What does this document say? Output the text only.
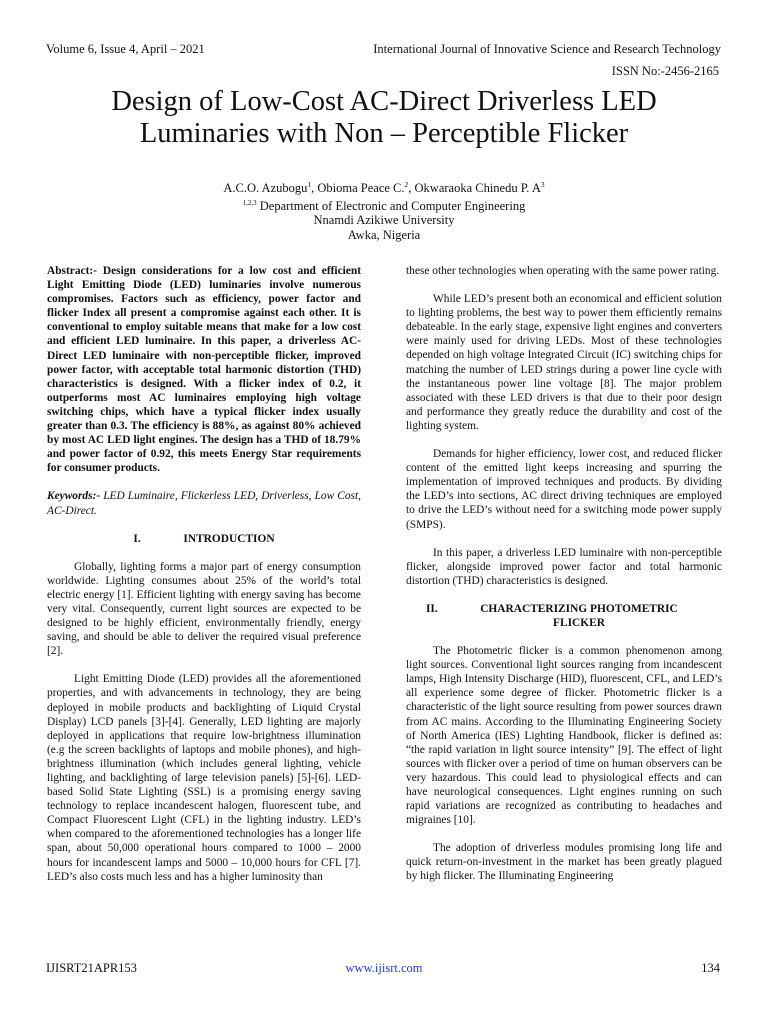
Volume 6, Issue 4, April – 2021	International Journal of Innovative Science and Research Technology
ISSN No:-2456-2165
Design of Low-Cost AC-Direct Driverless LED Luminaries with Non – Perceptible Flicker
A.C.O. Azubogu$^1$, Obioma Peace C.$^2$, Okwaraoka Chinedu P. $A^3$
$^{1,2,3}$ Department of Electronic and Computer Engineering
Nnamdi Azikiwe University
Awka, Nigeria

Abstract:- Design considerations for a low cost and efficient Light Emitting Diode (LED) luminaries involve numerous compromises. Factors such as efficiency, power factor and flicker Index all present a compromise against each other. It is conventional to employ suitable means that make for a low cost and efficient LED luminaire. In this paper, a driverless AC-Direct LED luminaire with non-perceptible flicker, improved power factor, with acceptable total harmonic distortion (THD) characteristics is designed. With a flicker index of 0.2, it outperforms most AC luminaires employing high voltage switching chips, which have a typical flicker index usually greater than 0.3. The efficiency is 88%, as against 80% achieved by most AC LED light engines. The design has a THD of 18.79% and power factor of 0.92, this meets Energy Star requirements for consumer products.

Keywords:- LED Luminaire, Flickerless LED, Driverless, Low Cost, AC-Direct.

I.	INTRODUCTION

Globally, lighting forms a major part of energy consumption worldwide. Lighting consumes about 25% of the world’s total electric energy [1]. Efficient lighting with energy saving has become very vital. Consequently, current light sources are expected to be designed to be highly efficient, environmentally friendly, energy saving, and should be able to deliver the required visual preference [2].

Light Emitting Diode (LED) provides all the aforementioned properties, and with advancements in technology, they are being deployed in mobile products and backlighting of Liquid Crystal Display) LCD panels [3]-[4]. Generally, LED lighting are majorly deployed in applications that require low-brightness illumination (e.g the screen backlights of laptops and mobile phones), and high-brightness illumination (which includes general lighting, vehicle lighting, and backlighting of large television panels) [5]-[6]. LED-based Solid State Lighting (SSL) is a promising energy saving technology to replace incandescent halogen, fluorescent tube, and Compact Fluorescent Light (CFL) in the lighting industry. LED’s when compared to the aforementioned technologies has a longer life span, about 50,000 operational hours compared to 1000 – 2000 hours for incandescent lamps and 5000 – 10,000 hours for CFL [7]. LED’s also costs much less and has a higher luminosity than

these other technologies when operating with the same power rating.

While LED’s present both an economical and efficient solution to lighting problems, the best way to power them efficiently remains debateable. In the early stage, expensive light engines and converters were mainly used for driving LEDs. Most of these technologies depended on high voltage Integrated Circuit (IC) switching chips for matching the number of LED strings during a power line cycle with the instantaneous power line voltage [8]. The major problem associated with these LED drivers is that due to their poor design and performance they greatly reduce the durability and cost of the lighting system.

Demands for higher efficiency, lower cost, and reduced flicker content of the emitted light keeps increasing and spurring the implementation of improved techniques and products. By dividing the LED’s into sections, AC direct driving techniques are employed to drive the LED’s without need for a switching mode power supply (SMPS).

In this paper, a driverless LED luminaire with non-perceptible flicker, alongside improved power factor and total harmonic distortion (THD) characteristics is designed.

II.	CHARACTERIZING PHOTOMETRIC FLICKER

The Photometric flicker is a common phenomenon among light sources. Conventional light sources ranging from incandescent lamps, High Intensity Discharge (HID), fluorescent, CFL, and LED’s all experience some degree of flicker. Photometric flicker is a characteristic of the light source resulting from power sources drawn from AC mains. According to the Illuminating Engineering Society of North America (IES) Lighting Handbook, flicker is defined as: “the rapid variation in light source intensity” [9]. The effect of light sources with flicker over a period of time on human observers can be very hazardous. This could lead to physiological effects and can have neurological consequences. Light engines running on such rapid variations are recognized as contributing to headaches and migraines [10].

The adoption of driverless modules promising long life and quick return-on-investment in the market has been greatly plagued by high flicker. The Illuminating Engineering

IJISRT21APR153	www.ijisrt.com	134
